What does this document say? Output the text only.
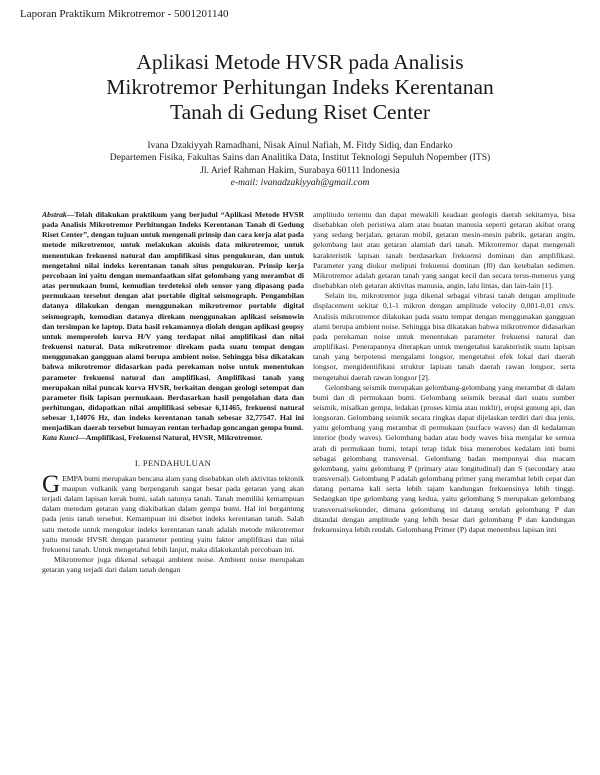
Laporan Praktikum Mikrotremor - 5001201140
Aplikasi Metode HVSR pada Analisis
Mikrotremor Perhitungan Indeks Kerentanan
Tanah di Gedung Riset Center
Ivana Dzakiyyah Ramadhani, Nisak Ainul Nafiah, M. Fitdy Sidiq, dan Endarko
Departemen Fisika, Fakultas Sains dan Analitika Data, Institut Teknologi Sepuluh Nopember (ITS)
Jl. Arief Rahman Hakim, Surabaya 60111 Indonesia
e-mail: ivanadzakiyyah@gmail.com

Abstrak—Telah dilakukan praktikum yang berjudul “Aplikasi Metode HVSR pada Analisis Mikrotremor Perhitungan Indeks Kerentanan Tanah di Gedung Riset Center”, dengan tujuan untuk mengenali prinsip dan cara kerja alat pada metode mikrotremor, untuk melakukan akuisis data mikrotremor, untuk menentukan frekuensi natural dan amplifikasi situs pengukuran, dan untuk mengetahui nilai indeks kerentanan tanah situs pengukuran. Prinsip kerja percobaan ini yaitu dengan memanfaatkan sifat gelombang yang merambat di atas permukaan bumi, kemudian terdeteksi oleh sensor yang dipasang pada permukaan tersebut dengan alat portable digital seismograph. Pengambilan datanya dilakukan dengan menggunakan mikrotremor portable digital seismograph, kemudian datanya direkam menggunakan aplikasi seismowin dan tersimpan ke laptop. Data hasil rekamannya diolah dengan aplikasi geopsy untuk memperoleh kurva H/V yang terdapat nilai amplifikasi dan nilai frekuensi natural. Data mikrotremor direkam pada suatu tempat dengan menggunakan gangguan alami berupa ambient noise. Sehingga bisa dikatakan bahwa mikrotremor didasarkan pada perekaman noise untuk menentukan parameter frekuensi natural dan amplifikasi. Amplifikasi tanah yang merupakan nilai puncak kurva HVSR, berkaitan dengan geologi setempat dan parameter fisik lapisan permukaan. Berdasarkan hasil pengolahan data dan perhitungan, didapatkan nilai amplifikasi sebesar 6,11465, frekuensi natural sebesar 1,14076 Hz, dan indeks kerentanan tanah sebesar 32,77547. Hal ini menjadikan daerah tersebut lumayan rentan terhadap goncangan gempa bumi.

Kata Kunci—Amplifikasi, Frekuensi Natural, HVSR, Mikrotremor.

I. PENDAHULUAN

GEMPA bumi merupakan bencana alam yang disebabkan oleh aktivitas tektonik maupun vulkanik yang berpengaruh sangat besar pada getaran yang akan terjadi dalam lapisan kerak bumi, salah satunya tanah. Tanah memiliki kemampuan dalam meredam getaran yang diakibatkan dalam gempa bumi. Hal ini bergantung pada jenis tanah tersebut. Kemampuan ini disebut indeks kerentanan tanah. Salah satu metode untuk mengukur indeks kerentanan tanah adalah metode mikrotremor yaitu metode HVSR dengan parameter penting yaitu faktor amplifikasi dan nilai frekuensi tanah. Untuk mengetahui lebih lanjut, maka dilakukanlah percobaan ini.

Mikrotremor juga dikenal sebagai ambient noise. Ambient noise merupakan getaran yang terjadi dari dalam tanah dengan

amplitudo tertentu dan dapat mewakili keadaan geologis daerah sekitarnya, bisa disebabkan oleh peristiwa alam atau buatan manusia seperti getaran akibat orang yang sedang berjalan, getaran mobil, getaran mesin-mesin pabrik, getaran angin, gelombang laut atau getaran alamiah dari tanah. Mikrotremor dapat mengenali karakteristik lapisan tanah berdasarkan frekuensi dominan dan amplifikasi. Parameter yang diukur meliputi frekuensi dominan (f0) dan ketebalan sedimen. Mikrotremor adalah getaran tanah yang sangat kecil dan secara terus-menerus yang disebabkan oleh getaran aktivitas manusia, angin, lalu lintas, dan lain-lain [1].

Selain itu, mikrotremor juga dikenal sebagai vibrasi tanah dengan amplitude displacement sekitar 0,1-1 mikron dengan amplitude velocity 0,001-0,01 cm/s. Analisis mikrotremor dilakukan pada suatu tempat dengan menggunakan gangguan alami berupa ambient noise. Sehingga bisa dikatakan bahwa mikrotremor didasarkan pada perekaman noise untuk menentukan parameter frekuensi natural dan amplifikasi. Penerapannya diterapkan untuk mengetahui karakteristik suatu lapisan tanah yang berpotensi mengalami longsor, mengetahui efek lokal dari daerah longsor, mengidentifikasi struktur lapisan tanah daerah rawan longsor, serta mengetahui daerah rawan longsor [2].

Gelombang seismik merupakan gelombang-gelombang yang merambat di dalam bumi dan di permukaan bumi. Gelombang seismik berasal dari suatu sumber seismik, misalkan gempa, ledakan (proses kimia atau nuklir), erupsi gunung api, dan longsoran. Gelombang seismik secara ringkas dapat dijelaskan terdiri dari dua jenis, yaitu gelombang yang merambat di permukaan (surface waves) dan di kedalaman interior (body waves). Gelombang badan atau body waves bisa menjalar ke semua arah di permukaan bumi, tetapi tetap tidak bisa menerobos kedalam inti bumi sebagai gelombang transversal. Gelombang badan mempunyai dua macam gelombang, yaitu gelombang P (primary atau longitudinal) dan S (secondary atau transversal). Gelombang P adalah gelombang primer yang merambat lebih cepat dan datang pertama kali serta lebih tajam kandungan frekuensinya lebih tinggi. Sedangkan tipe gelombang yang kedua, yaitu gelombang S merupakan gelombang transversal/sekunder, dimana gelombang ini datang setelah gelombang P dan ditandai dengan amplitude yang lebih besar dari gelombang P dan kandungan frekuensinya lebih rendah. Gelombang Primer (P) dapat menembus lapisan inti
